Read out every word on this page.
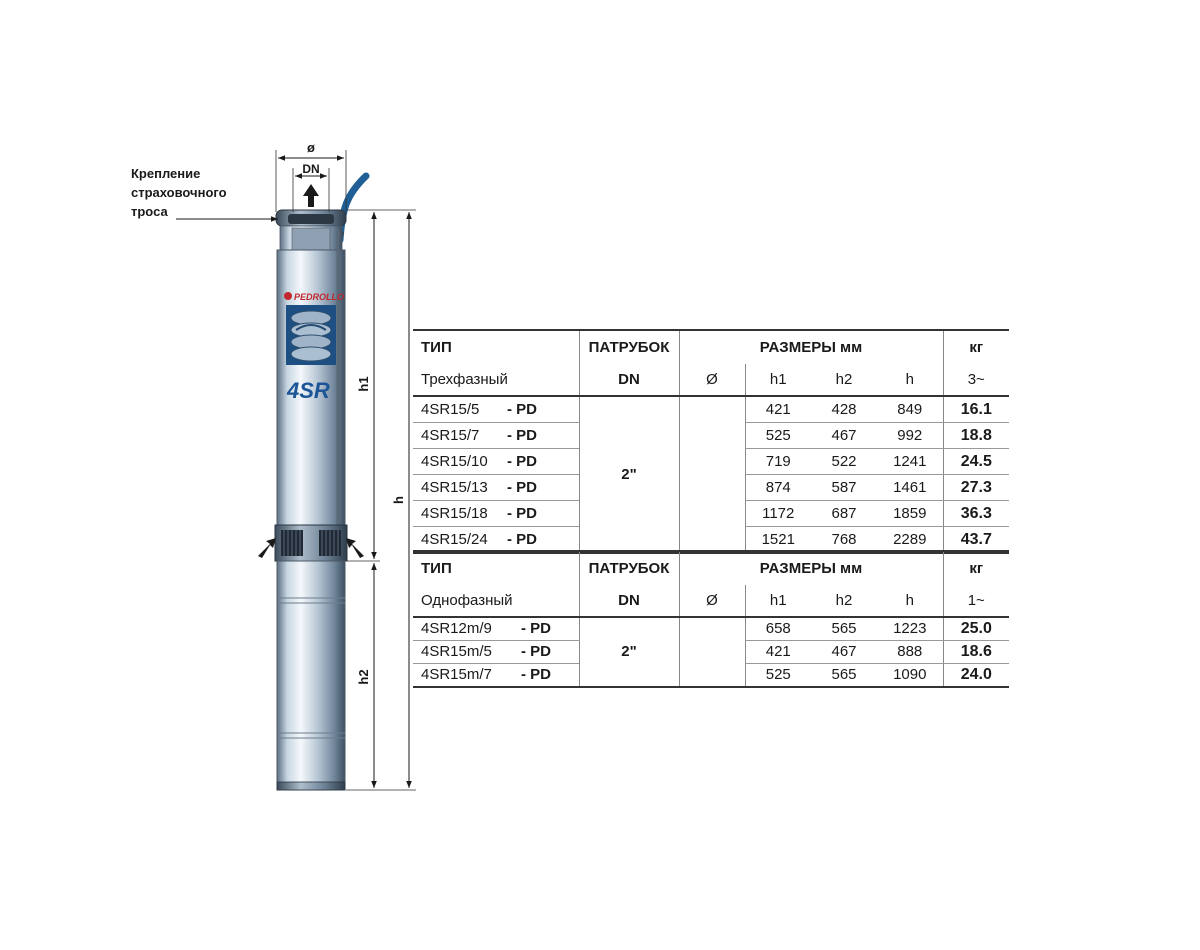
PEDROLLO
4SR
ø
DN
h1
h2
h
Крепление
страховочного
троса
ТИП	ПАТРУБОК	РАЗМЕРЫ мм				кг
Трехфазный	DN	Ø	h1	h2	h	3~
4SR15/5 - PD	2"		421	428	849	16.1
4SR15/7 - PD			525	467	992	18.8
4SR15/10 - PD			719	522	1241	24.5
4SR15/13 - PD			874	587	1461	27.3
4SR15/18 - PD			1172	687	1859	36.3
4SR15/24 - PD			1521	768	2289	43.7
ТИП	ПАТРУБОК	РАЗМЕРЫ мм				кг
Однофазный	DN	Ø	h1	h2	h	1~
4SR12m/9 - PD	2"		658	565	1223	25.0
4SR15m/5 - PD			421	467	888	18.6
4SR15m/7 - PD			525	565	1090	24.0
